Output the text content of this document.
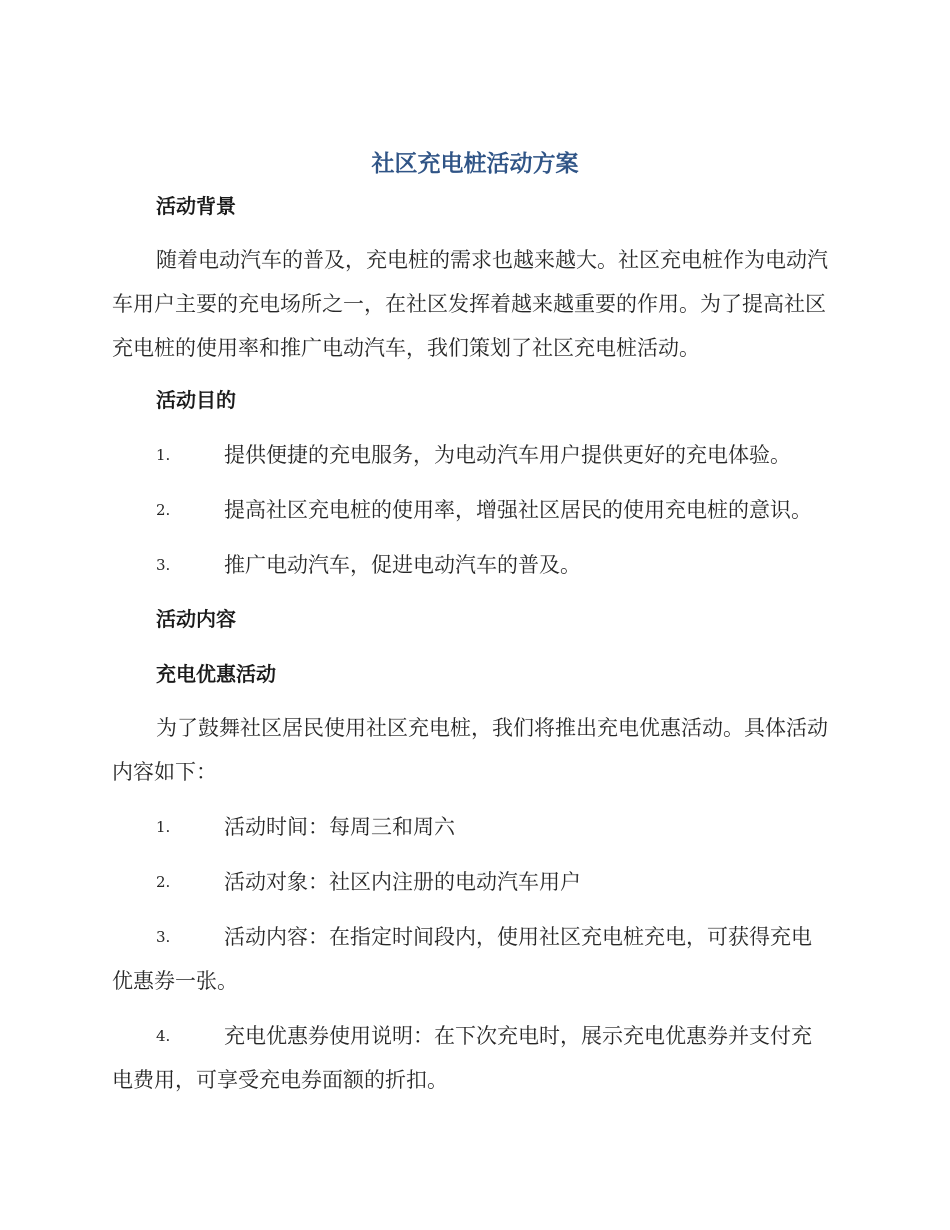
社区充电桩活动方案
活动背景
随着电动汽车的普及，充电桩的需求也越来越大。社区充电桩作为电动汽车用户主要的充电场所之一，在社区发挥着越来越重要的作用。为了提高社区充电桩的使用率和推广电动汽车，我们策划了社区充电桩活动。
活动目的
1.	提供便捷的充电服务，为电动汽车用户提供更好的充电体验。
2.	提高社区充电桩的使用率，增强社区居民的使用充电桩的意识。
3.	推广电动汽车，促进电动汽车的普及。
活动内容
充电优惠活动
为了鼓舞社区居民使用社区充电桩，我们将推出充电优惠活动。具体活动内容如下：
1.	活动时间：每周三和周六
2.	活动对象：社区内注册的电动汽车用户
3.	活动内容：在指定时间段内，使用社区充电桩充电，可获得充电优惠券一张。
4.	充电优惠券使用说明：在下次充电时，展示充电优惠券并支付充电费用，可享受充电券面额的折扣。
